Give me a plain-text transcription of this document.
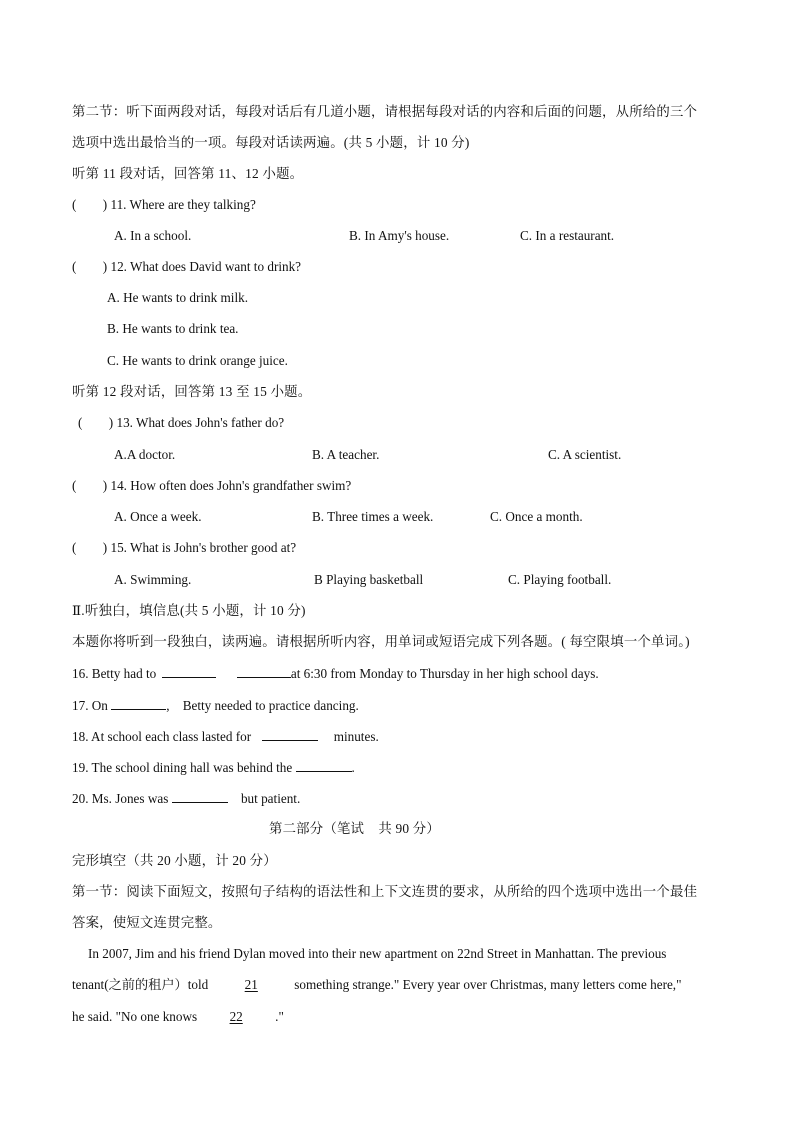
第二节：听下面两段对话，每段对话后有几道小题，请根据每段对话的内容和后面的问题，从所给的三个
选项中选出最恰当的一项。每段对话读两遍。(共 5 小题，计 10 分)
听第 11 段对话，回答第 11、12 小题。
(        ) 11. Where are they talking?
A. In a school.	B. In Amy's house.	C. In a restaurant.
(        ) 12. What does David want to drink?
A. He wants to drink milk.
B. He wants to drink tea.
C. He wants to drink orange juice.
听第 12 段对话，回答第 13 至 15 小题。
(        ) 13. What does John's father do?
A.A doctor.	B. A teacher.	C. A scientist.
(        ) 14. How often does John's grandfather swim?
A. Once a week.	B. Three times a week.	C. Once a month.
(        ) 15. What is John's brother good at?
A. Swimming.	B Playing basketball	C. Playing football.
Ⅱ.听独白，填信息(共 5 小题，计 10 分)
本题你将听到一段独白，读两遍。请根据所听内容，用单词或短语完成下列各题。( 每空限填一个单词。)
16. Betty had to	at 6:30 from Monday to Thursday in her high school days.
17. On	,    Betty needed to practice dancing.
18. At school each class lasted for	minutes.
19. The school dining hall was behind the	.
20. Ms. Jones was	but patient.
第二部分（笔试    共 90 分）
完形填空（共 20 小题，计 20 分）
第一节：阅读下面短文，按照句子结构的语法性和上下文连贯的要求，从所给的四个选项中选出一个最佳
答案，使短文连贯完整。
In 2007, Jim and his friend Dylan moved into their new apartment on 22nd Street in Manhattan. The previous
tenant(之前的租户）told	21	something strange." Every year over Christmas, many letters come here,"
he said. "No one knows 22 ."
